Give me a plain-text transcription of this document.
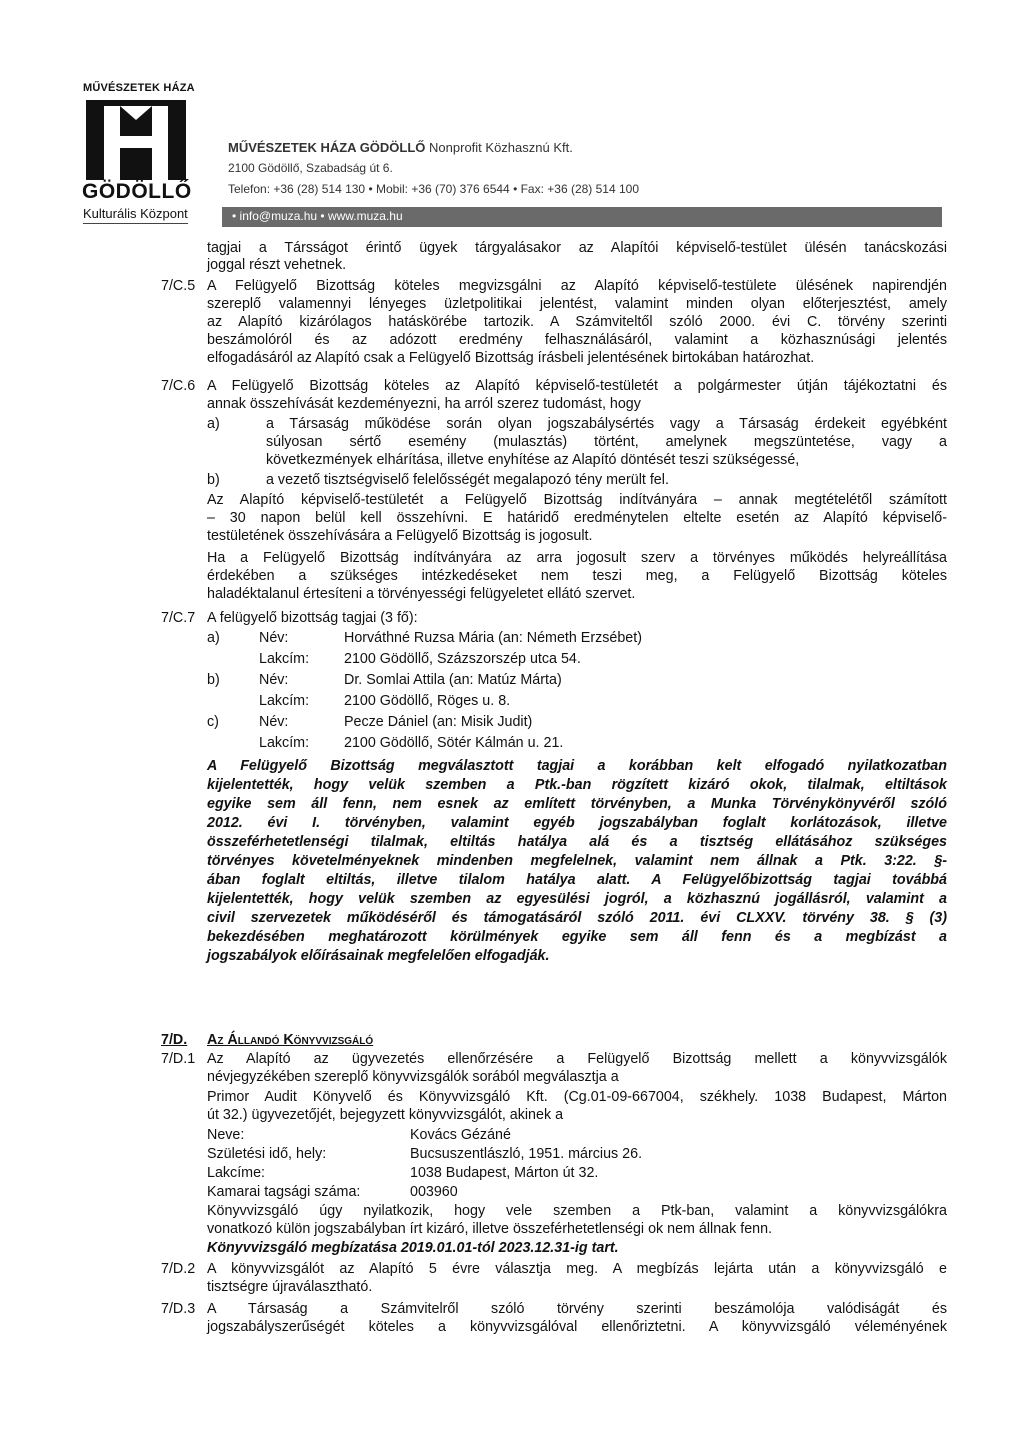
MŰVÉSZETEK HÁZA
GÖDÖLLŐ
Kulturális Központ
MŰVÉSZETEK HÁZA GÖDÖLLŐ Nonprofit Közhasznú Kft.
2100 Gödöllő, Szabadság út 6.
Telefon: +36 (28) 514 130 • Mobil: +36 (70) 376 6544 • Fax: +36 (28) 514 100
• info@muza.hu • www.muza.hu
tagjai a Társságot érintő ügyek tárgyalásakor az Alapítói képviselő-testület ülésén tanácskozási
joggal részt vehetnek.
7/C.5 A Felügyelő Bizottság köteles megvizsgálni az Alapító képviselő-testülete ülésének napirendjén
szereplő valamennyi lényeges üzletpolitikai jelentést, valamint minden olyan előterjesztést, amely
az Alapító kizárólagos hatáskörébe tartozik. A Számviteltől szóló 2000. évi C. törvény szerinti
beszámolóról és az adózott eredmény felhasználásáról, valamint a közhasznúsági jelentés
elfogadásáról az Alapító csak a Felügyelő Bizottság írásbeli jelentésének birtokában határozhat.
7/C.6 A Felügyelő Bizottság köteles az Alapító képviselő-testületét a polgármester útján tájékoztatni és
annak összehívását kezdeményezni, ha arról szerez tudomást, hogy
a)	a Társaság működése során olyan jogszabálysértés vagy a Társaság érdekeit egyébként
súlyosan sértő esemény (mulasztás) történt, amelynek megszüntetése, vagy a
következmények elhárítása, illetve enyhítése az Alapító döntését teszi szükségessé,
b)	a vezető tisztségviselő felelősségét megalapozó tény merült fel.
Az Alapító képviselő-testületét a Felügyelő Bizottság indítványára – annak megtételétől számított
– 30 napon belül kell összehívni. E határidő eredménytelen eltelte esetén az Alapító képviselő-
testületének összehívására a Felügyelő Bizottság is jogosult.
Ha a Felügyelő Bizottság indítványára az arra jogosult szerv a törvényes működés helyreállítása
érdekében a szükséges intézkedéseket nem teszi meg, a Felügyelő Bizottság köteles
haladéktalanul értesíteni a törvényességi felügyeletet ellátó szervet.
7/C.7 A felügyelő bizottság tagjai (3 fő):
a)	Név:	Horváthné Ruzsa Mária (an: Németh Erzsébet)
Lakcím: 2100 Gödöllő, Százszorszép utca 54.
b)	Név:	Dr. Somlai Attila (an: Matúz Márta)
Lakcím: 2100 Gödöllő, Röges u. 8.
c)	Név:	Pecze Dániel (an: Misik Judit)
Lakcím: 2100 Gödöllő, Sötér Kálmán u. 21.
A Felügyelő Bizottság megválasztott tagjai a korábban kelt elfogadó nyilatkozatban
kijelentették, hogy velük szemben a Ptk.-ban rögzített kizáró okok, tilalmak, eltiltások
egyike sem áll fenn, nem esnek az említett törvényben, a Munka Törvénykönyvéről szóló
2012. évi I. törvényben, valamint egyéb jogszabályban foglalt korlátozások, illetve
összeférhetetlenségi tilalmak, eltiltás hatálya alá és a tisztség ellátásához szükséges
törvényes követelményeknek mindenben megfelelnek, valamint nem állnak a Ptk. 3:22. §-
ában foglalt eltiltás, illetve tilalom hatálya alatt. A Felügyelőbizottság tagjai továbbá
kijelentették, hogy velük szemben az egyesülési jogról, a közhasznú jogállásról, valamint a
civil szervezetek működéséről és támogatásáról szóló 2011. évi CLXXV. törvény 38. § (3)
bekezdésében meghatározott körülmények egyike sem áll fenn és a megbízást a
jogszabályok előírásainak megfelelően elfogadják.
7/D. Az Állandó Könyvvizsgáló
7/D.1 Az Alapító az ügyvezetés ellenőrzésére a Felügyelő Bizottság mellett a könyvvizsgálók
névjegyzékében szereplő könyvvizsgálók sorából megválasztja a
Primor Audit Könyvelő és Könyvvizsgáló Kft. (Cg.01-09-667004, székhely. 1038 Budapest, Márton
út 32.) ügyvezetőjét, bejegyzett könyvvizsgálót, akinek a
Neve:	Kovács Gézáné
Születési idő, hely:	Bucsuszentlászló, 1951. március 26.
Lakcíme:	1038 Budapest, Márton út 32.
Kamarai tagsági száma:	003960
Könyvvizsgáló úgy nyilatkozik, hogy vele szemben a Ptk-ban, valamint a könyvvizsgálókra
vonatkozó külön jogszabályban írt kizáró, illetve összeférhetetlenségi ok nem állnak fenn.
Könyvvizsgáló megbízatása 2019.01.01-tól 2023.12.31-ig tart.
7/D.2 A könyvvizsgálót az Alapító 5 évre választja meg. A megbízás lejárta után a könyvvizsgáló e
tisztségre újraválasztható.
7/D.3 A Társaság a Számvitelről szóló törvény szerinti beszámolója valódiságát és
jogszabályszerűségét köteles a könyvvizsgálóval ellenőriztetni. A könyvvizsgáló véleményének
